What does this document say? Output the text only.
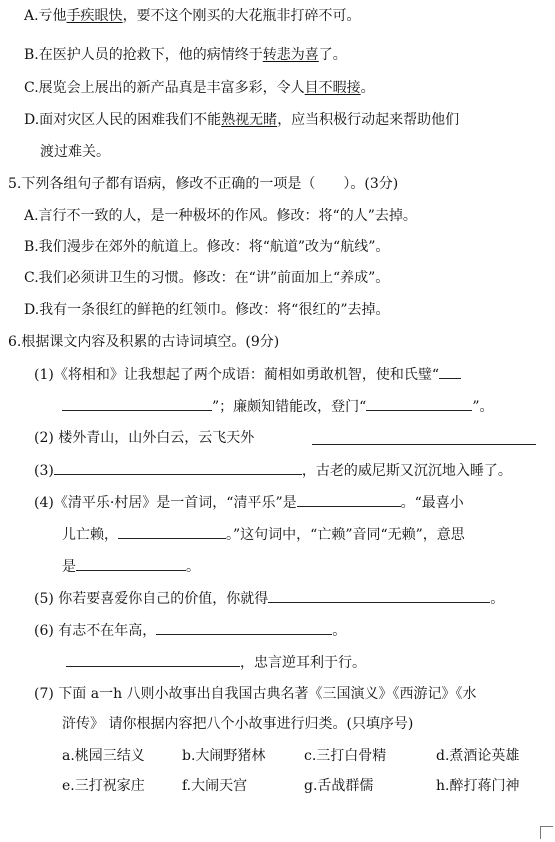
A.亏他手疾眼快，要不这个刚买的大花瓶非打碎不可。
B.在医护人员的抢救下，他的病情终于转悲为喜了。
C.展览会上展出的新产品真是丰富多彩，令人目不暇接。
D.面对灾区人民的困难我们不能熟视无睹，应当积极行动起来帮助他们
渡过难关。
5.下列各组句子都有语病，修改不正确的一项是（　　）。(3分)
A.言行不一致的人，是一种极坏的作风。修改：将“的人”去掉。
B.我们漫步在郊外的航道上。修改：将“航道”改为“航线”。
C.我们必须讲卫生的习惯。修改：在“讲”前面加上“养成”。
D.我有一条很红的鲜艳的红领巾。修改：将“很红的”去掉。
6.根据课文内容及积累的古诗词填空。(9分)
(1)《将相和》让我想起了两个成语：蔺相如勇敢机智，使和氏璧“
”；廉颇知错能改，登门“	”。
(2) 楼外青山，山外白云，云飞天外
(3)	，古老的威尼斯又沉沉地入睡了。
(4)《清平乐·村居》是一首词，“清平乐”是	。“最喜小
儿亡赖，	。”这句词中，“亡赖”音同“无赖”，意思
是	。
(5) 你若要喜爱你自己的价值，你就得	。
(6) 有志不在年高，	。
，忠言逆耳利于行。
(7) 下面 a一h 八则小故事出自我国古典名著《三国演义》《西游记》《水
浒传》 请你根据内容把八个小故事进行归类。(只填序号)
a.桃园三结义	b.大闹野猪林	c.三打白骨精	d.煮酒论英雄
e.三打祝家庄	f.大闹天宫	g.舌战群儒	h.醉打蒋门神
